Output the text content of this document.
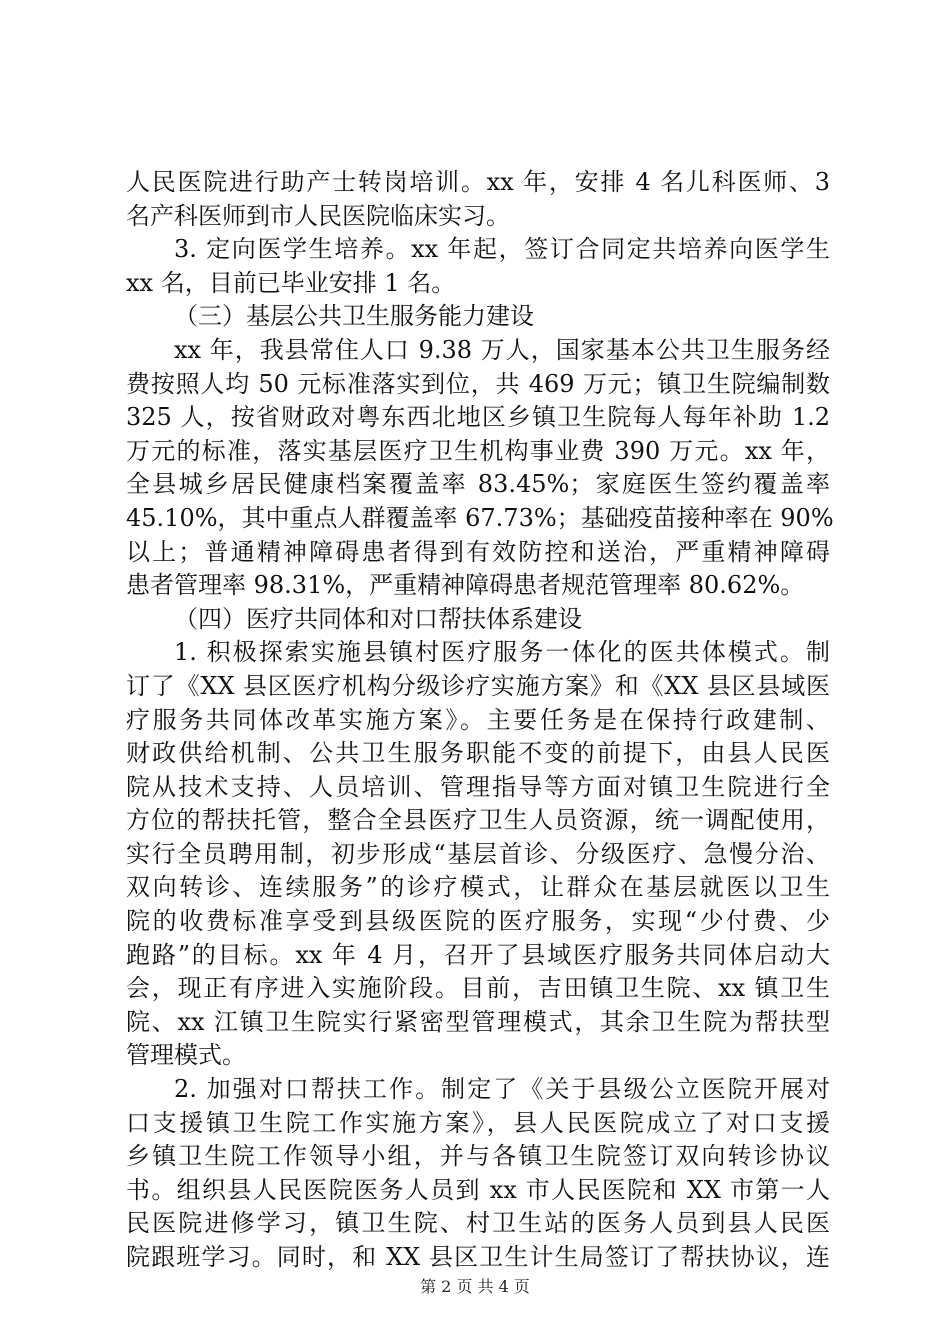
人民医院进行助产士转岗培训。xx 年，安排 4 名儿科医师、3
名产科医师到市人民医院临床实习。
3. 定向医学生培养。xx 年起，签订合同定共培养向医学生
xx 名，目前已毕业安排 1 名。
（三）基层公共卫生服务能力建设
xx 年，我县常住人口 9.38 万人，国家基本公共卫生服务经
费按照人均 50 元标准落实到位，共 469 万元；镇卫生院编制数
325 人，按省财政对粤东西北地区乡镇卫生院每人每年补助 1.2
万元的标准，落实基层医疗卫生机构事业费 390 万元。xx 年，
全县城乡居民健康档案覆盖率 83.45%；家庭医生签约覆盖率
45.10%，其中重点人群覆盖率 67.73%；基础疫苗接种率在 90%
以上；普通精神障碍患者得到有效防控和送治，严重精神障碍
患者管理率 98.31%，严重精神障碍患者规范管理率 80.62%。
（四）医疗共同体和对口帮扶体系建设
1. 积极探索实施县镇村医疗服务一体化的医共体模式。制
订了《XX 县区医疗机构分级诊疗实施方案》和《XX 县区县域医
疗服务共同体改革实施方案》。主要任务是在保持行政建制、
财政供给机制、公共卫生服务职能不变的前提下，由县人民医
院从技术支持、人员培训、管理指导等方面对镇卫生院进行全
方位的帮扶托管，整合全县医疗卫生人员资源，统一调配使用，
实行全员聘用制，初步形成“基层首诊、分级医疗、急慢分治、
双向转诊、连续服务”的诊疗模式，让群众在基层就医以卫生
院的收费标准享受到县级医院的医疗服务，实现“少付费、少
跑路”的目标。xx 年 4 月，召开了县域医疗服务共同体启动大
会，现正有序进入实施阶段。目前，吉田镇卫生院、xx 镇卫生
院、xx 江镇卫生院实行紧密型管理模式，其余卫生院为帮扶型
管理模式。
2. 加强对口帮扶工作。制定了《关于县级公立医院开展对
口支援镇卫生院工作实施方案》，县人民医院成立了对口支援
乡镇卫生院工作领导小组，并与各镇卫生院签订双向转诊协议
书。组织县人民医院医务人员到 xx 市人民医院和 XX 市第一人
民医院进修学习，镇卫生院、村卫生站的医务人员到县人民医
院跟班学习。同时，和 XX 县区卫生计生局签订了帮扶协议，连
第 2 页 共 4 页
